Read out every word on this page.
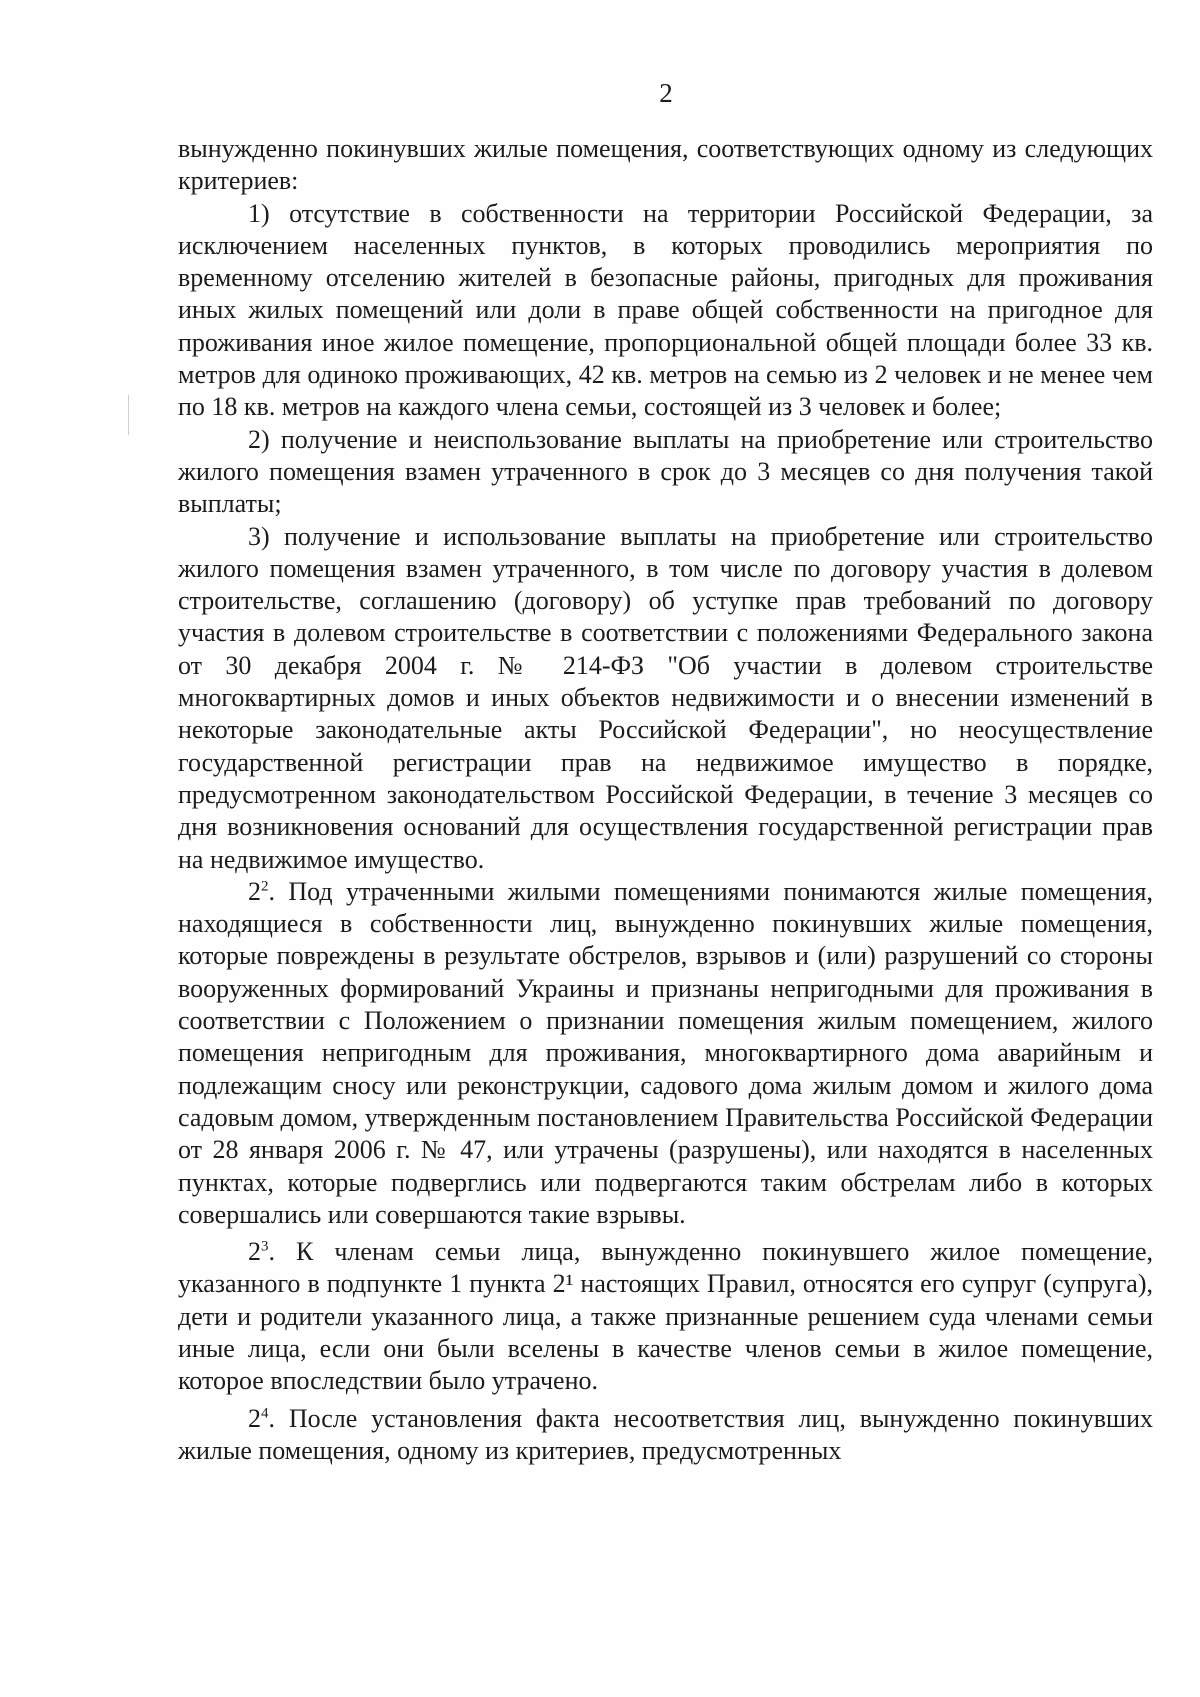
2

вынужденно покинувших жилые помещения, соответствующих одному из следующих критериев:

1) отсутствие в собственности на территории Российской Федерации, за исключением населенных пунктов, в которых проводились мероприятия по временному отселению жителей в безопасные районы, пригодных для проживания иных жилых помещений или доли в праве общей собственности на пригодное для проживания иное жилое помещение, пропорциональной общей площади более 33 кв. метров для одиноко проживающих, 42 кв. метров на семью из 2 человек и не менее чем по 18 кв. метров на каждого члена семьи, состоящей из 3 человек и более;

2) получение и неиспользование выплаты на приобретение или строительство жилого помещения взамен утраченного в срок до 3 месяцев со дня получения такой выплаты;

3) получение и использование выплаты на приобретение или строительство жилого помещения взамен утраченного, в том числе по договору участия в долевом строительстве, соглашению (договору) об уступке прав требований по договору участия в долевом строительстве в соответствии с положениями Федерального закона от 30 декабря 2004 г. № 214-ФЗ "Об участии в долевом строительстве многоквартирных домов и иных объектов недвижимости и о внесении изменений в некоторые законодательные акты Российской Федерации", но неосуществление государственной регистрации прав на недвижимое имущество в порядке, предусмотренном законодательством Российской Федерации, в течение 3 месяцев со дня возникновения оснований для осуществления государственной регистрации прав на недвижимое имущество.

$2^2$. Под утраченными жилыми помещениями понимаются жилые помещения, находящиеся в собственности лиц, вынужденно покинувших жилые помещения, которые повреждены в результате обстрелов, взрывов и (или) разрушений со стороны вооруженных формирований Украины и признаны непригодными для проживания в соответствии с Положением о признании помещения жилым помещением, жилого помещения непригодным для проживания, многоквартирного дома аварийным и подлежащим сносу или реконструкции, садового дома жилым домом и жилого дома садовым домом, утвержденным постановлением Правительства Российской Федерации от 28 января 2006 г. № 47, или утрачены (разрушены), или находятся в населенных пунктах, которые подверглись или подвергаются таким обстрелам либо в которых совершались или совершаются такие взрывы.

$2^3$. К членам семьи лица, вынужденно покинувшего жилое помещение, указанного в подпункте 1 пункта 2¹ настоящих Правил, относятся его супруг (супруга), дети и родители указанного лица, а также признанные решением суда членами семьи иные лица, если они были вселены в качестве членов семьи в жилое помещение, которое впоследствии было утрачено.

$2^4$. После установления факта несоответствия лиц, вынужденно покинувших жилые помещения, одному из критериев, предусмотренных
